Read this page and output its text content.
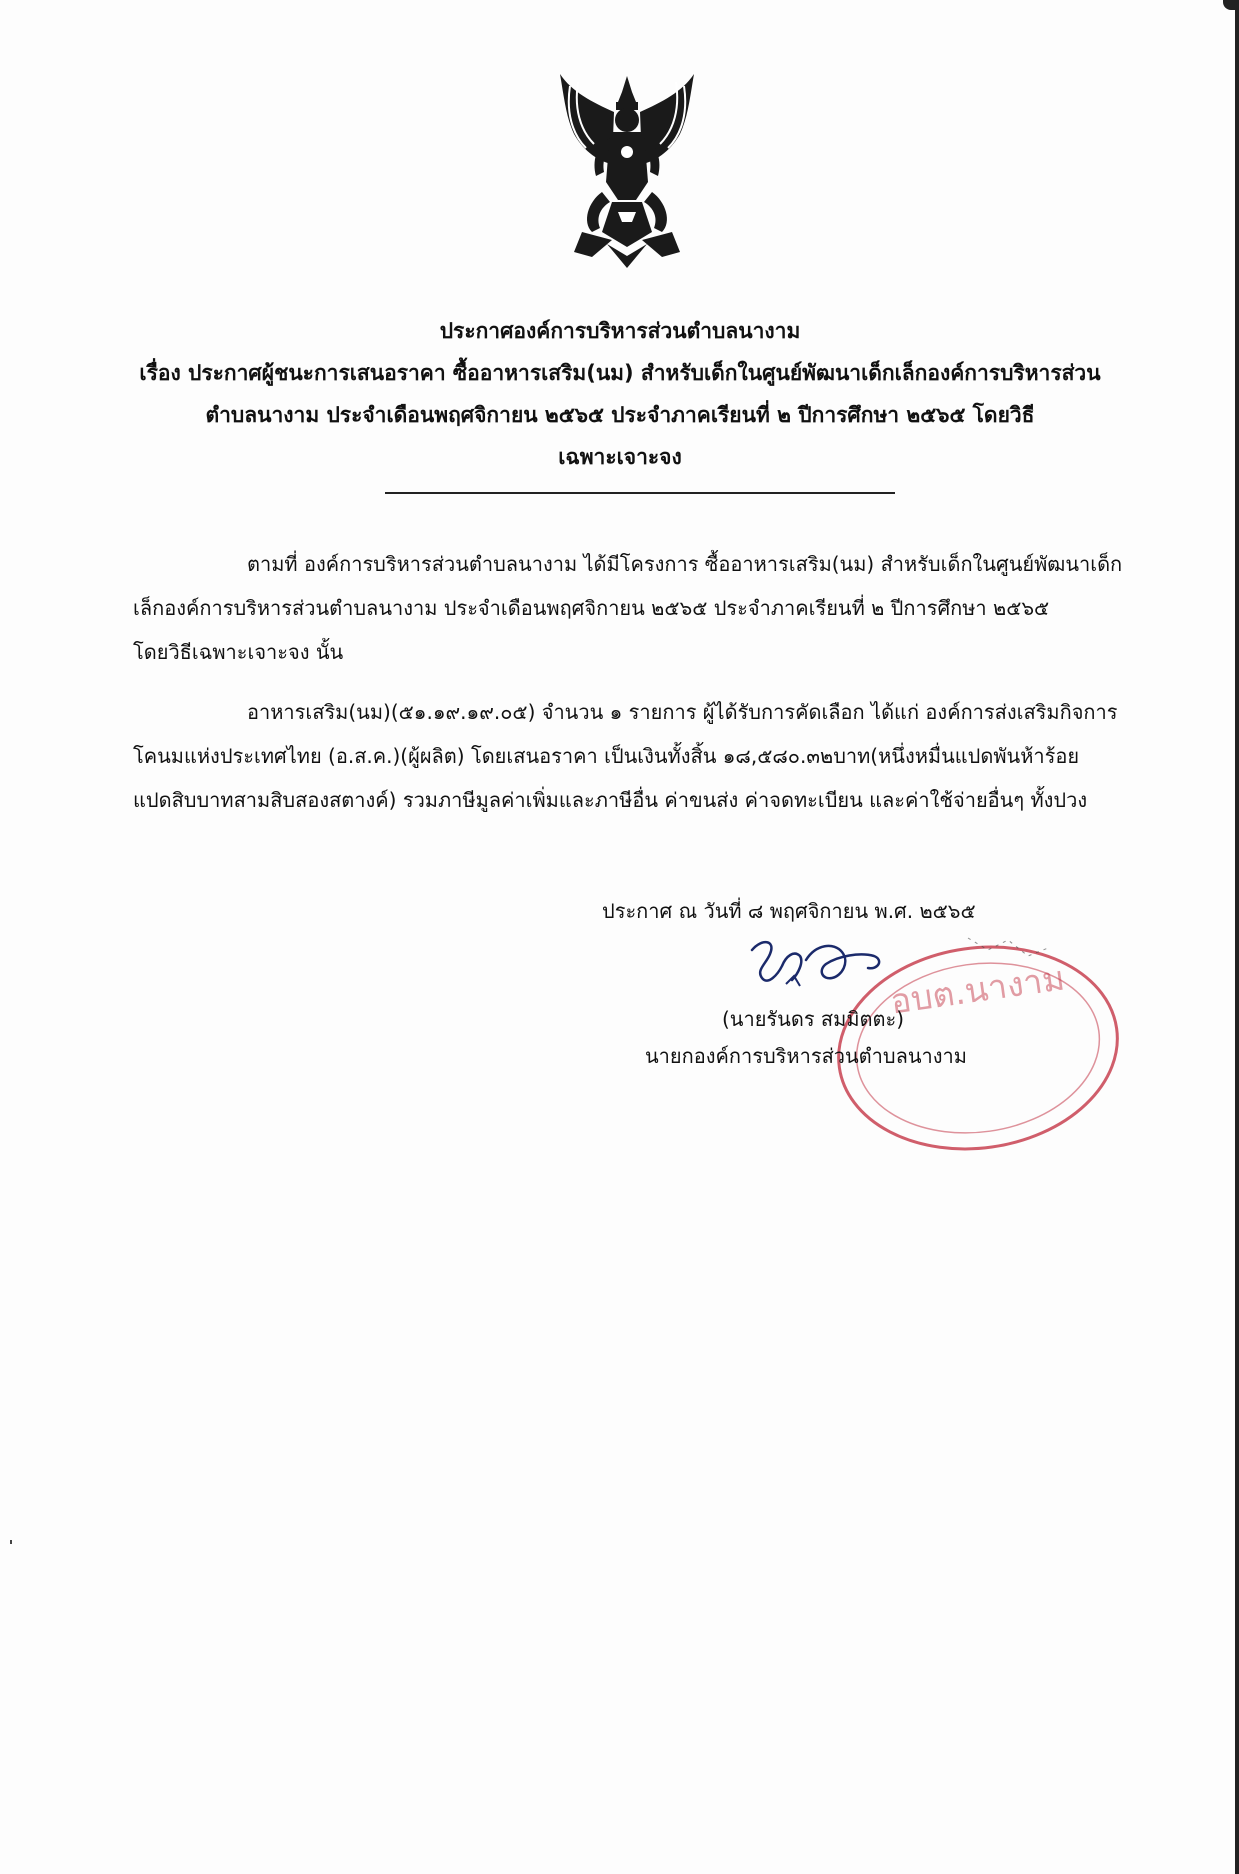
ประกาศองค์การบริหารส่วนตำบลนางาม
เรื่อง ประกาศผู้ชนะการเสนอราคา ซื้ออาหารเสริม(นม) สำหรับเด็กในศูนย์พัฒนาเด็กเล็กองค์การบริหารส่วน
ตำบลนางาม ประจำเดือนพฤศจิกายน ๒๕๖๕ ประจำภาคเรียนที่ ๒ ปีการศึกษา ๒๕๖๕ โดยวิธี
เฉพาะเจาะจง
ตามที่ องค์การบริหารส่วนตำบลนางาม ได้มีโครงการ ซื้ออาหารเสริม(นม) สำหรับเด็กในศูนย์พัฒนาเด็ก
เล็กองค์การบริหารส่วนตำบลนางาม ประจำเดือนพฤศจิกายน ๒๕๖๕ ประจำภาคเรียนที่ ๒ ปีการศึกษา ๒๕๖๕
โดยวิธีเฉพาะเจาะจง นั้น
อาหารเสริม(นม)(๕๑.๑๙.๑๙.๐๕) จำนวน ๑ รายการ ผู้ได้รับการคัดเลือก ได้แก่ องค์การส่งเสริมกิจการ
โคนมแห่งประเทศไทย (อ.ส.ค.)(ผู้ผลิต) โดยเสนอราคา เป็นเงินทั้งสิ้น ๑๘,๕๘๐.๓๒บาท(หนึ่งหมื่นแปดพันห้าร้อย
แปดสิบบาทสามสิบสองสตางค์) รวมภาษีมูลค่าเพิ่มและภาษีอื่น ค่าขนส่ง ค่าจดทะเบียน และค่าใช้จ่ายอื่นๆ ทั้งปวง
ประกาศ ณ วันที่ ๘ พฤศจิกายน พ.ศ. ๒๕๖๕
อบต.นางาม
(นายรันดร สมมิตตะ)
นายกองค์การบริหารส่วนตำบลนางาม
